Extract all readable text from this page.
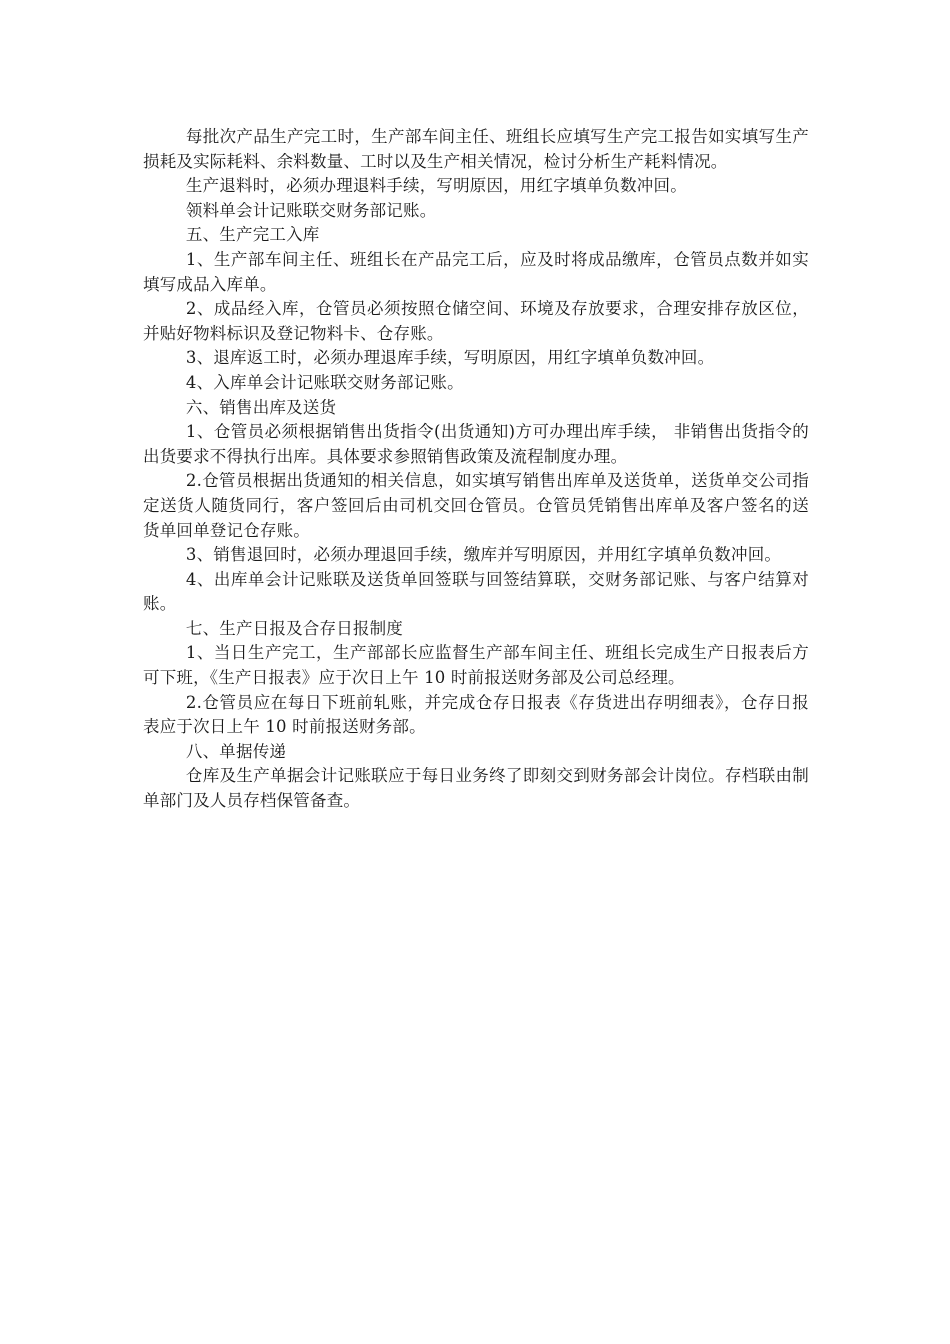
每批次产品生产完工时，生产部车间主任、班组长应填写生产完工报告如实填写生产损耗及实际耗料、余料数量、工时以及生产相关情况，检讨分析生产耗料情况。

生产退料时，必须办理退料手续，写明原因，用红字填单负数冲回。

领料单会计记账联交财务部记账。

五、生产完工入库

1、生产部车间主任、班组长在产品完工后，应及时将成品缴库，仓管员点数并如实填写成品入库单。

2、成品经入库，仓管员必须按照仓储空间、环境及存放要求，合理安排存放区位，并贴好物料标识及登记物料卡、仓存账。

3、退库返工时，必须办理退库手续，写明原因，用红字填单负数冲回。

4、入库单会计记账联交财务部记账。

六、销售出库及送货

1、仓管员必须根据销售出货指令(出货通知)方可办理出库手续， 非销售出货指令的出货要求不得执行出库。具体要求参照销售政策及流程制度办理。

2.仓管员根据出货通知的相关信息，如实填写销售出库单及送货单，送货单交公司指定送货人随货同行，客户签回后由司机交回仓管员。仓管员凭销售出库单及客户签名的送货单回单登记仓存账。

3、销售退回时，必须办理退回手续，缴库并写明原因，并用红字填单负数冲回。

4、出库单会计记账联及送货单回签联与回签结算联，交财务部记账、与客户结算对账。

七、生产日报及合存日报制度

1、当日生产完工，生产部部长应监督生产部车间主任、班组长完成生产日报表后方可下班，《生产日报表》应于次日上午 10 时前报送财务部及公司总经理。

2.仓管员应在每日下班前轧账，并完成仓存日报表《存货进出存明细表》，仓存日报表应于次日上午 10 时前报送财务部。

八、单据传递

仓库及生产单据会计记账联应于每日业务终了即刻交到财务部会计岗位。存档联由制单部门及人员存档保管备查。
